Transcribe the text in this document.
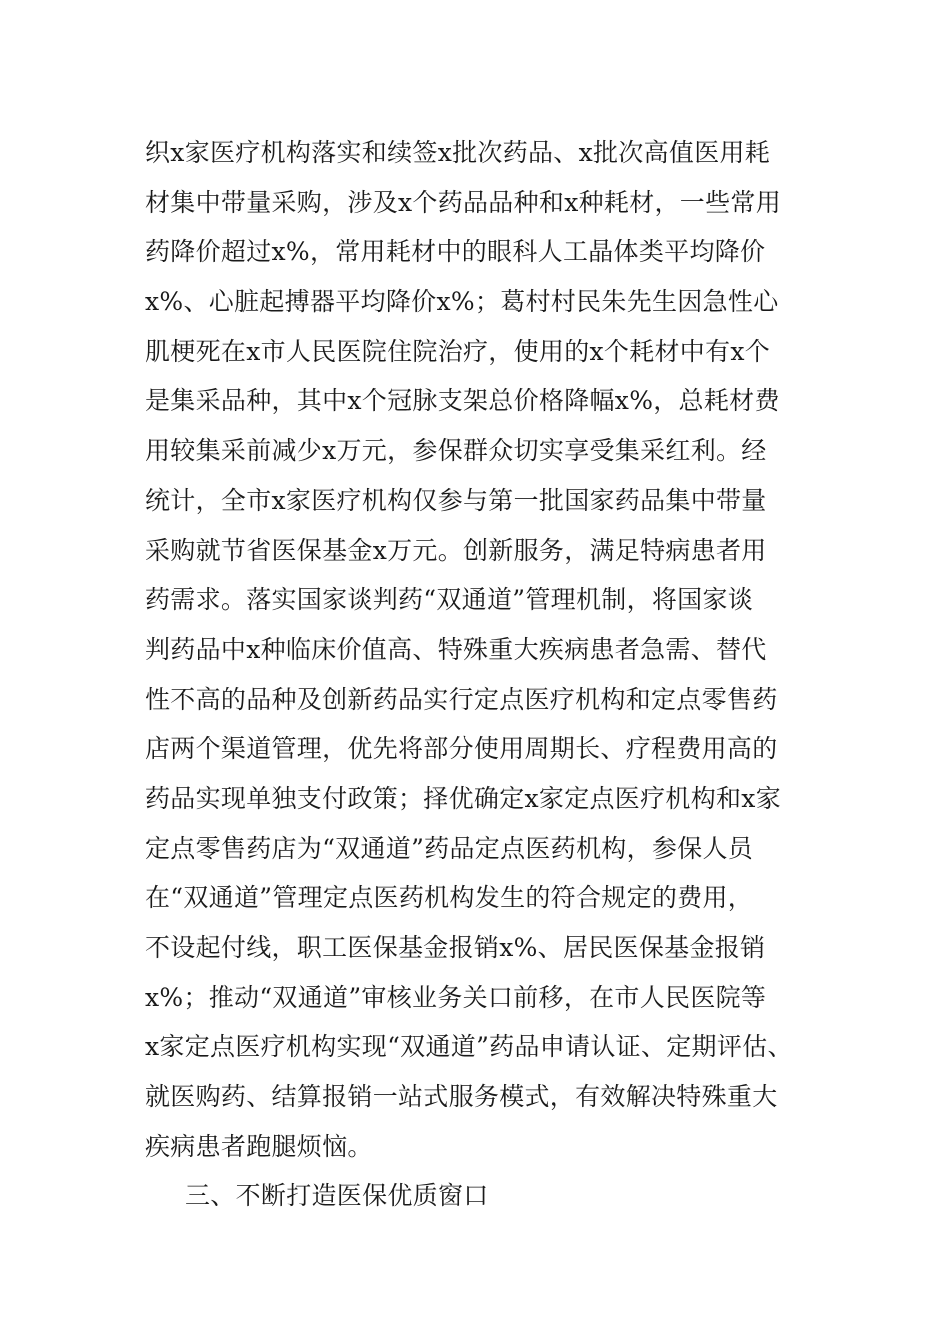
织x家医疗机构落实和续签x批次药品、x批次高值医用耗
材集中带量采购，涉及x个药品品种和x种耗材，一些常用
药降价超过x%，常用耗材中的眼科人工晶体类平均降价
x%、心脏起搏器平均降价x%；葛村村民朱先生因急性心
肌梗死在x市人民医院住院治疗，使用的x个耗材中有x个
是集采品种，其中x个冠脉支架总价格降幅x%，总耗材费
用较集采前减少x万元，参保群众切实享受集采红利。经
统计，全市x家医疗机构仅参与第一批国家药品集中带量
采购就节省医保基金x万元。创新服务，满足特病患者用
药需求。落实国家谈判药“双通道”管理机制，将国家谈
判药品中x种临床价值高、特殊重大疾病患者急需、替代
性不高的品种及创新药品实行定点医疗机构和定点零售药
店两个渠道管理，优先将部分使用周期长、疗程费用高的
药品实现单独支付政策；择优确定x家定点医疗机构和x家
定点零售药店为“双通道”药品定点医药机构，参保人员
在“双通道”管理定点医药机构发生的符合规定的费用，
不设起付线，职工医保基金报销x%、居民医保基金报销
x%；推动“双通道”审核业务关口前移，在市人民医院等
x家定点医疗机构实现“双通道”药品申请认证、定期评估、
就医购药、结算报销一站式服务模式，有效解决特殊重大
疾病患者跑腿烦恼。
三、不断打造医保优质窗口
